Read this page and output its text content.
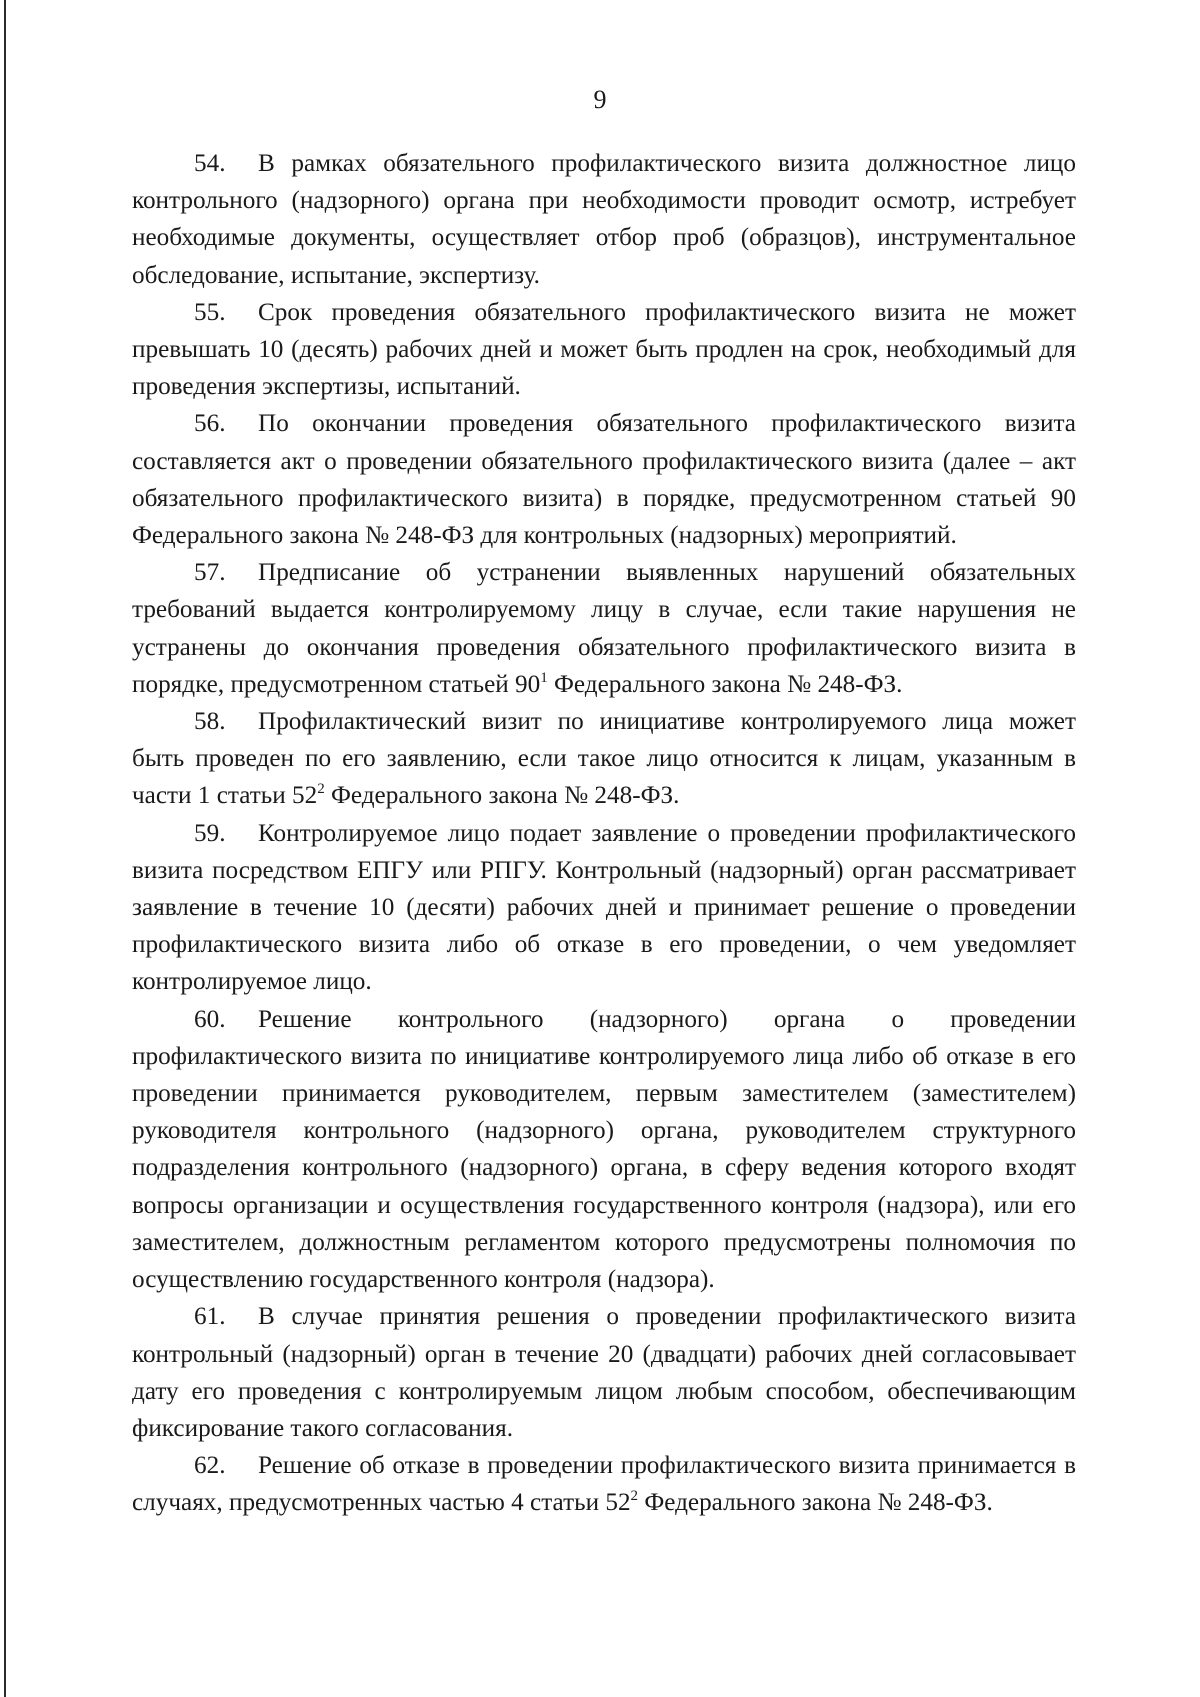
9

54. В рамках обязательного профилактического визита должностное лицо контрольного (надзорного) органа при необходимости проводит осмотр, истребует необходимые документы, осуществляет отбор проб (образцов), инструментальное обследование, испытание, экспертизу.

55. Срок проведения обязательного профилактического визита не может превышать 10 (десять) рабочих дней и может быть продлен на срок, необходимый для проведения экспертизы, испытаний.

56. По окончании проведения обязательного профилактического визита составляется акт о проведении обязательного профилактического визита (далее – акт обязательного профилактического визита) в порядке, предусмотренном статьей 90 Федерального закона № 248-ФЗ для контрольных (надзорных) мероприятий.

57. Предписание об устранении выявленных нарушений обязательных требований выдается контролируемому лицу в случае, если такие нарушения не устранены до окончания проведения обязательного профилактического визита в порядке, предусмотренном статьей $90^1$ Федерального закона № 248-ФЗ.

58. Профилактический визит по инициативе контролируемого лица может быть проведен по его заявлению, если такое лицо относится к лицам, указанным в части 1 статьи $52^2$ Федерального закона № 248-ФЗ.

59. Контролируемое лицо подает заявление о проведении профилактического визита посредством ЕПГУ или РПГУ. Контрольный (надзорный) орган рассматривает заявление в течение 10 (десяти) рабочих дней и принимает решение о проведении профилактического визита либо об отказе в его проведении, о чем уведомляет контролируемое лицо.

60. Решение контрольного (надзорного) органа о проведении профилактического визита по инициативе контролируемого лица либо об отказе в его проведении принимается руководителем, первым заместителем (заместителем) руководителя контрольного (надзорного) органа, руководителем структурного подразделения контрольного (надзорного) органа, в сферу ведения которого входят вопросы организации и осуществления государственного контроля (надзора), или его заместителем, должностным регламентом которого предусмотрены полномочия по осуществлению государственного контроля (надзора).

61. В случае принятия решения о проведении профилактического визита контрольный (надзорный) орган в течение 20 (двадцати) рабочих дней согласовывает дату его проведения с контролируемым лицом любым способом, обеспечивающим фиксирование такого согласования.

62. Решение об отказе в проведении профилактического визита принимается в случаях, предусмотренных частью 4 статьи $52^2$ Федерального закона № 248-ФЗ.
